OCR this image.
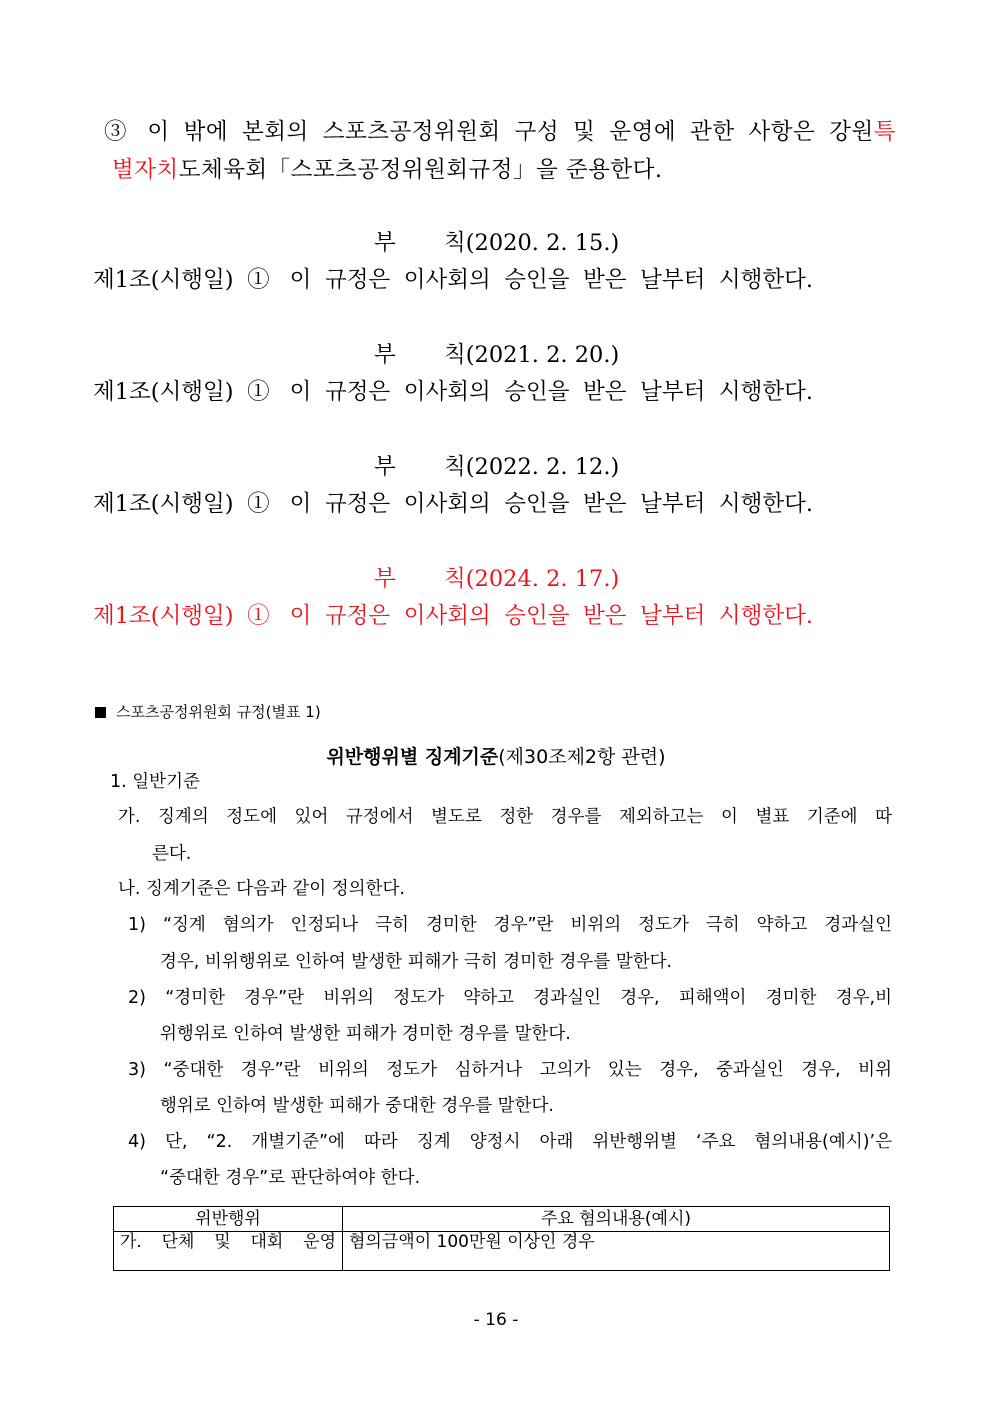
③ 이 밖에 본회의 스포츠공정위원회 구성 및 운영에 관한 사항은 강원특
별자치도체육회「스포츠공정위원회규정」을 준용한다.
부 칙(2020. 2. 15.)
제1조(시행일) ① 이 규정은 이사회의 승인을 받은 날부터 시행한다.
부 칙(2021. 2. 20.)
제1조(시행일) ① 이 규정은 이사회의 승인을 받은 날부터 시행한다.
부 칙(2022. 2. 12.)
제1조(시행일) ① 이 규정은 이사회의 승인을 받은 날부터 시행한다.
부 칙(2024. 2. 17.)
제1조(시행일) ① 이 규정은 이사회의 승인을 받은 날부터 시행한다.
스포츠공정위원회 규정(별표 1)
위반행위별 징계기준(제30조제2항 관련)
1. 일반기준
가. 징계의 정도에 있어 규정에서 별도로 정한 경우를 제외하고는 이 별표 기준에 따
른다.
나. 징계기준은 다음과 같이 정의한다.
1) “징계 혐의가 인정되나 극히 경미한 경우”란 비위의 정도가 극히 약하고 경과실인
경우, 비위행위로 인하여 발생한 피해가 극히 경미한 경우를 말한다.
2) “경미한 경우”란 비위의 정도가 약하고 경과실인 경우, 피해액이 경미한 경우,비
위행위로 인하여 발생한 피해가 경미한 경우를 말한다.
3) “중대한 경우”란 비위의 정도가 심하거나 고의가 있는 경우, 중과실인 경우, 비위
행위로 인하여 발생한 피해가 중대한 경우를 말한다.
4) 단, “2. 개별기준”에 따라 징계 양정시 아래 위반행위별 ‘주요 혐의내용(예시)’은
“중대한 경우”로 판단하여야 한다.
위반행위	주요 혐의내용(예시)
가. 단체 및 대회 운영	혐의금액이 100만원 이상인 경우
- 16 -
